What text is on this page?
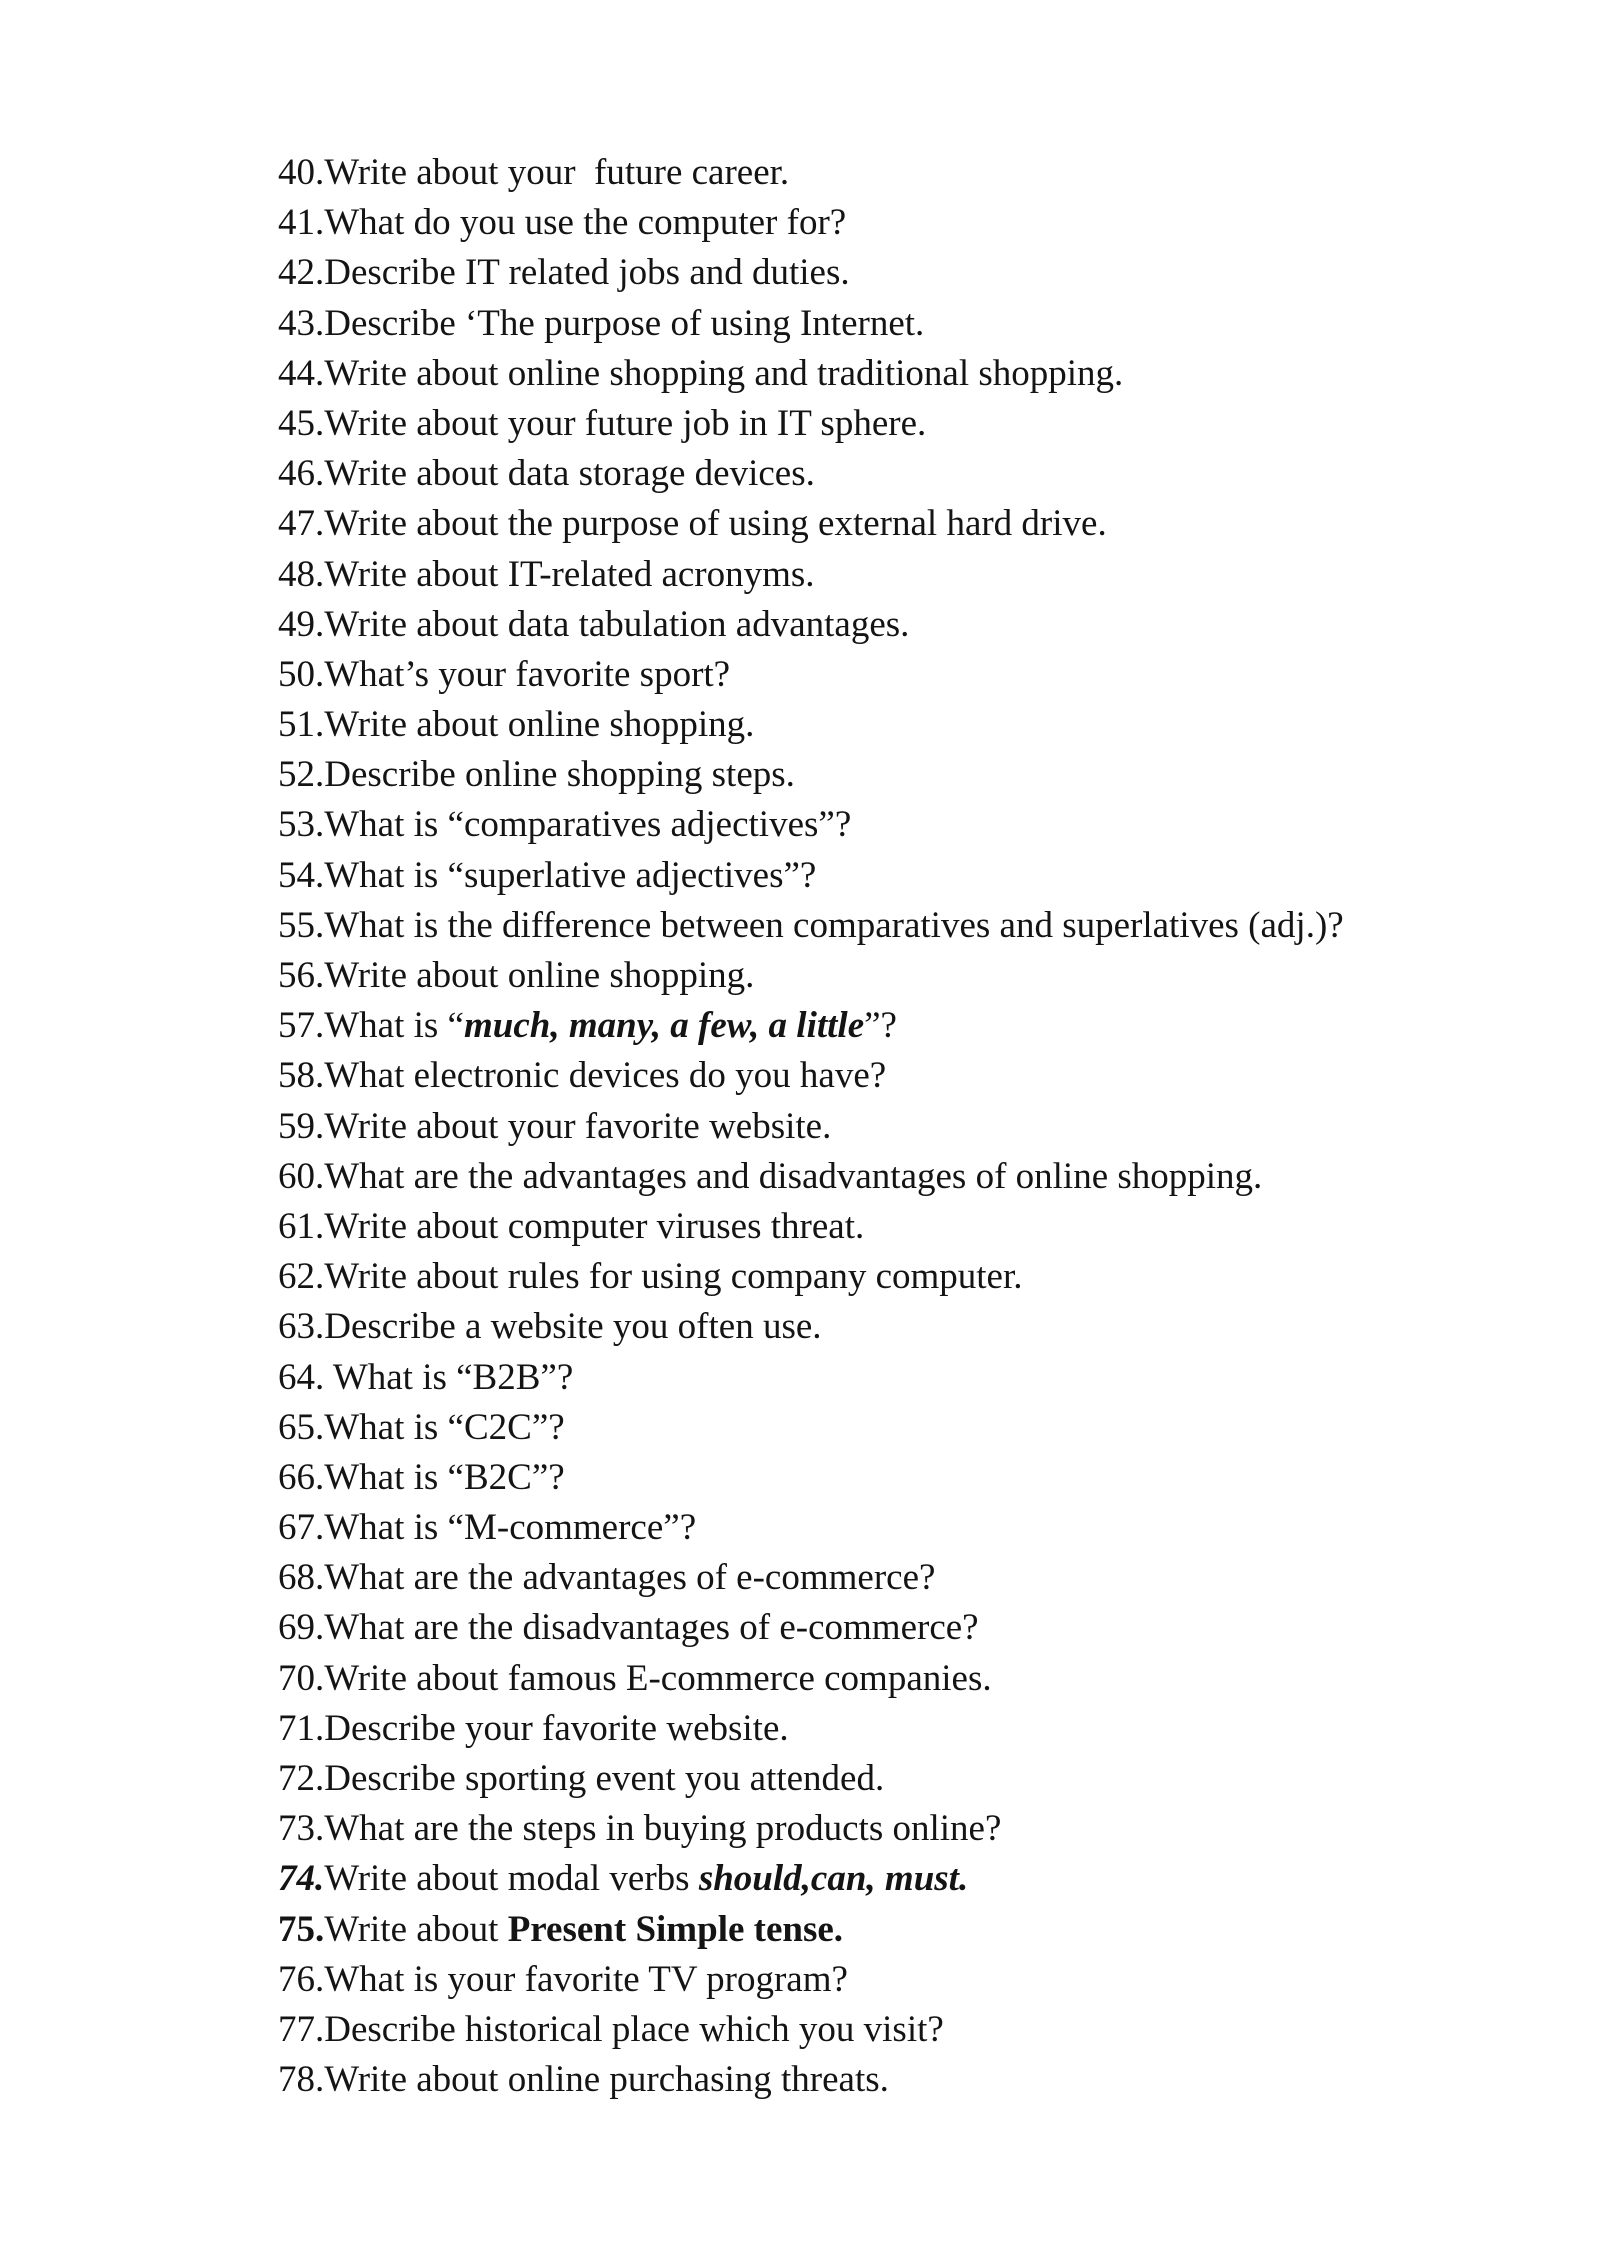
40.Write about your  future career.
41.What do you use the computer for?
42.Describe IT related jobs and duties.
43.Describe ‘The purpose of using Internet.
44.Write about online shopping and traditional shopping.
45.Write about your future job in IT sphere.
46.Write about data storage devices.
47.Write about the purpose of using external hard drive.
48.Write about IT-related acronyms.
49.Write about data tabulation advantages.
50.What’s your favorite sport?
51.Write about online shopping.
52.Describe online shopping steps.
53.What is “comparatives adjectives”?
54.What is “superlative adjectives”?
55.What is the difference between comparatives and superlatives (adj.)?
56.Write about online shopping.
57.What is “much, many, a few, a little”?
58.What electronic devices do you have?
59.Write about your favorite website.
60.What are the advantages and disadvantages of online shopping.
61.Write about computer viruses threat.
62.Write about rules for using company computer.
63.Describe a website you often use.
64. What is “B2B”?
65.What is “C2C”?
66.What is “B2C”?
67.What is “M-commerce”?
68.What are the advantages of e-commerce?
69.What are the disadvantages of e-commerce?
70.Write about famous E-commerce companies.
71.Describe your favorite website.
72.Describe sporting event you attended.
73.What are the steps in buying products online?
74.Write about modal verbs should,can, must.
75.Write about Present Simple tense.
76.What is your favorite TV program?
77.Describe historical place which you visit?
78.Write about online purchasing threats.
